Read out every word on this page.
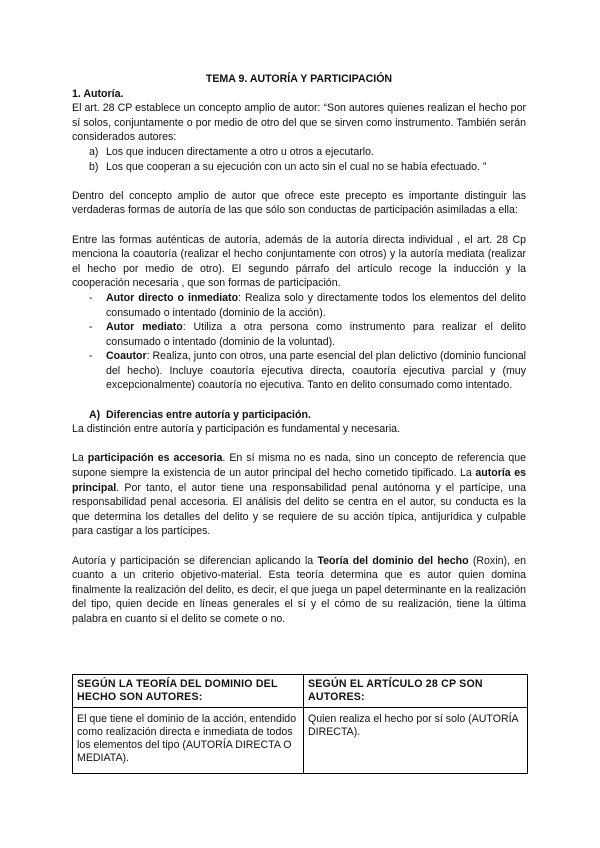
TEMA 9. AUTORÍA Y PARTICIPACIÓN

1. Autoría.

El art. 28 CP establece un concepto amplio de autor: “Son autores quienes realizan el hecho por sí solos, conjuntamente o por medio de otro del que se sirven como instrumento. También serán considerados autores:

a) Los que inducen directamente a otro u otros a ejecutarlo.
b) Los que cooperan a su ejecución con un acto sin el cual no se había efectuado. ”

Dentro del concepto amplio de autor que ofrece este precepto es importante distinguir las verdaderas formas de autoría de las que sólo son conductas de participación asimiladas a ella:

Entre las formas auténticas de autoría, además de la autoría directa individual , el art. 28 Cp menciona la coautoría (realizar el hecho conjuntamente con otros) y la autoría mediata (realizar el hecho por medio de otro). El segundo párrafo del artículo recoge la inducción y la cooperación necesaria , que son formas de participación.

- Autor directo o inmediato: Realiza solo y directamente todos los elementos del delito consumado o intentado (dominio de la acción).
- Autor mediato: Utiliza a otra persona como instrumento para realizar el delito consumado o intentado (dominio de la voluntad).
- Coautor: Realiza, junto con otros, una parte esencial del plan delictivo (dominio funcional del hecho). Incluye coautoría ejecutiva directa, coautoría ejecutiva parcial y (muy excepcionalmente) coautoría no ejecutiva. Tanto en delito consumado como intentado.

A) Diferencias entre autoría y participación.

La distinción entre autoría y participación es fundamental y necesaria.

La participación es accesoria. En sí misma no es nada, sino un concepto de referencia que supone siempre la existencia de un autor principal del hecho cometido tipificado. La autoría es principal. Por tanto, el autor tiene una responsabilidad penal autónoma y el partícipe, una responsabilidad penal accesoria. El análisis del delito se centra en el autor, su conducta es la que determina los detalles del delito y se requiere de su acción típica, antijurídica y culpable para castigar a los partícipes.

Autoría y participación se diferencian aplicando la Teoría del dominio del hecho (Roxin), en cuanto a un criterio objetivo-material. Esta teoría determina que es autor quien domina finalmente la realización del delito, es decir, el que juega un papel determinante en la realización del tipo, quien decide en líneas generales el sí y el cómo de su realización, tiene la última palabra en cuanto si el delito se comete o no.

SEGÚN LA TEORÍA DEL DOMINIO DEL HECHO SON AUTORES:	SEGÚN EL ARTÍCULO 28 CP SON AUTORES:
El que tiene el dominio de la acción, entendido como realización directa e inmediata de todos los elementos del tipo (AUTORÍA DIRECTA O MEDIATA).	Quien realiza el hecho por sí solo (AUTORÍA DIRECTA).
